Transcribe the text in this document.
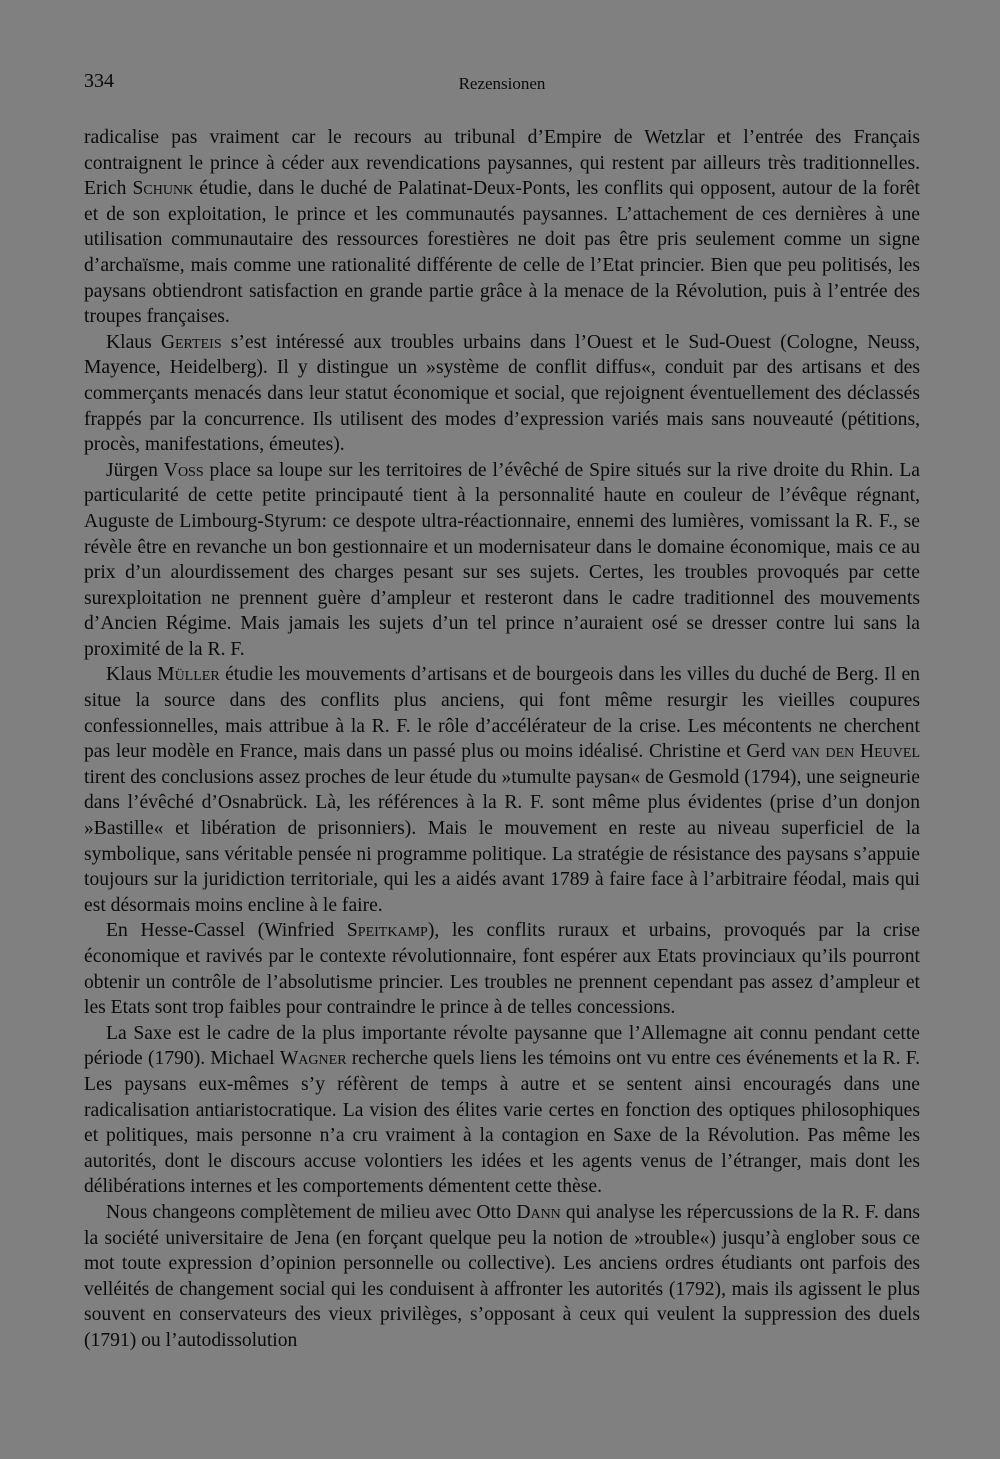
334	Rezensionen

radicalise pas vraiment car le recours au tribunal d’Empire de Wetzlar et l’entrée des Français contraignent le prince à céder aux revendications paysannes, qui restent par ailleurs très traditionnelles. Erich Schunk étudie, dans le duché de Palatinat-Deux-Ponts, les conflits qui opposent, autour de la forêt et de son exploitation, le prince et les communautés paysannes. L’attachement de ces dernières à une utilisation communautaire des ressources forestières ne doit pas être pris seulement comme un signe d’archaïsme, mais comme une rationalité différente de celle de l’Etat princier. Bien que peu politisés, les paysans obtiendront satisfaction en grande partie grâce à la menace de la Révolution, puis à l’entrée des troupes françaises.

Klaus Gerteis s’est intéressé aux troubles urbains dans l’Ouest et le Sud-Ouest (Cologne, Neuss, Mayence, Heidelberg). Il y distingue un »système de conflit diffus«, conduit par des artisans et des commerçants menacés dans leur statut économique et social, que rejoignent éventuellement des déclassés frappés par la concurrence. Ils utilisent des modes d’expression variés mais sans nouveauté (pétitions, procès, manifestations, émeutes).

Jürgen Voss place sa loupe sur les territoires de l’évêché de Spire situés sur la rive droite du Rhin. La particularité de cette petite principauté tient à la personnalité haute en couleur de l’évêque régnant, Auguste de Limbourg-Styrum: ce despote ultra-réactionnaire, ennemi des lumières, vomissant la R. F., se révèle être en revanche un bon gestionnaire et un modernisateur dans le domaine économique, mais ce au prix d’un alourdissement des charges pesant sur ses sujets. Certes, les troubles provoqués par cette surexploitation ne prennent guère d’ampleur et resteront dans le cadre traditionnel des mouvements d’Ancien Régime. Mais jamais les sujets d’un tel prince n’auraient osé se dresser contre lui sans la proximité de la R. F.

Klaus Müller étudie les mouvements d’artisans et de bourgeois dans les villes du duché de Berg. Il en situe la source dans des conflits plus anciens, qui font même resurgir les vieilles coupures confessionnelles, mais attribue à la R. F. le rôle d’accélérateur de la crise. Les mécontents ne cherchent pas leur modèle en France, mais dans un passé plus ou moins idéalisé. Christine et Gerd van den Heuvel tirent des conclusions assez proches de leur étude du »tumulte paysan« de Gesmold (1794), une seigneurie dans l’évêché d’Osnabrück. Là, les références à la R. F. sont même plus évidentes (prise d’un donjon »Bastille« et libération de prisonniers). Mais le mouvement en reste au niveau superficiel de la symbolique, sans véritable pensée ni programme politique. La stratégie de résistance des paysans s’appuie toujours sur la juridiction territoriale, qui les a aidés avant 1789 à faire face à l’arbitraire féodal, mais qui est désormais moins encline à le faire.

En Hesse-Cassel (Winfried Speitkamp), les conflits ruraux et urbains, provoqués par la crise économique et ravivés par le contexte révolutionnaire, font espérer aux Etats provinciaux qu’ils pourront obtenir un contrôle de l’absolutisme princier. Les troubles ne prennent cependant pas assez d’ampleur et les Etats sont trop faibles pour contraindre le prince à de telles concessions.

La Saxe est le cadre de la plus importante révolte paysanne que l’Allemagne ait connu pendant cette période (1790). Michael Wagner recherche quels liens les témoins ont vu entre ces événements et la R. F. Les paysans eux-mêmes s’y réfèrent de temps à autre et se sentent ainsi encouragés dans une radicalisation antiaristocratique. La vision des élites varie certes en fonction des optiques philosophiques et politiques, mais personne n’a cru vraiment à la contagion en Saxe de la Révolution. Pas même les autorités, dont le discours accuse volontiers les idées et les agents venus de l’étranger, mais dont les délibérations internes et les comportements démentent cette thèse.

Nous changeons complètement de milieu avec Otto Dann qui analyse les répercussions de la R. F. dans la société universitaire de Jena (en forçant quelque peu la notion de »trouble«) jusqu’à englober sous ce mot toute expression d’opinion personnelle ou collective). Les anciens ordres étudiants ont parfois des velléités de changement social qui les conduisent à affronter les autorités (1792), mais ils agissent le plus souvent en conservateurs des vieux privilèges, s’opposant à ceux qui veulent la suppression des duels (1791) ou l’autodissolution
